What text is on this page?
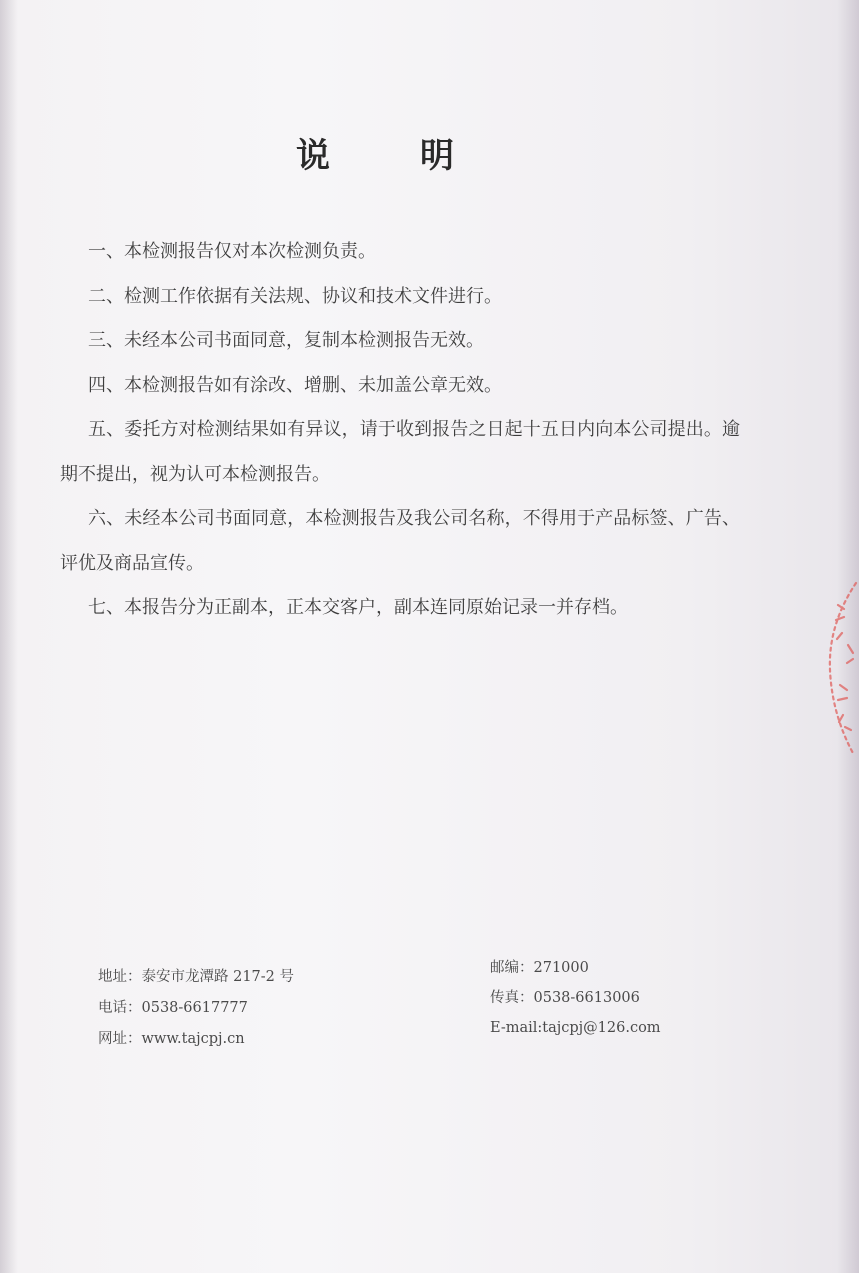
说　明

一、本检测报告仅对本次检测负责。

二、检测工作依据有关法规、协议和技术文件进行。

三、未经本公司书面同意，复制本检测报告无效。

四、本检测报告如有涂改、增删、未加盖公章无效。

五、委托方对检测结果如有异议，请于收到报告之日起十五日内向本公司提出。逾期不提出，视为认可本检测报告。

六、未经本公司书面同意，本检测报告及我公司名称，不得用于产品标签、广告、评优及商品宣传。

七、本报告分为正副本，正本交客户，副本连同原始记录一并存档。

地址：泰安市龙潭路 217-2 号
电话：0538-6617777
网址：www.tajcpj.cn
邮编：271000
传真：0538-6613006
E-mail:tajcpj@126.com
